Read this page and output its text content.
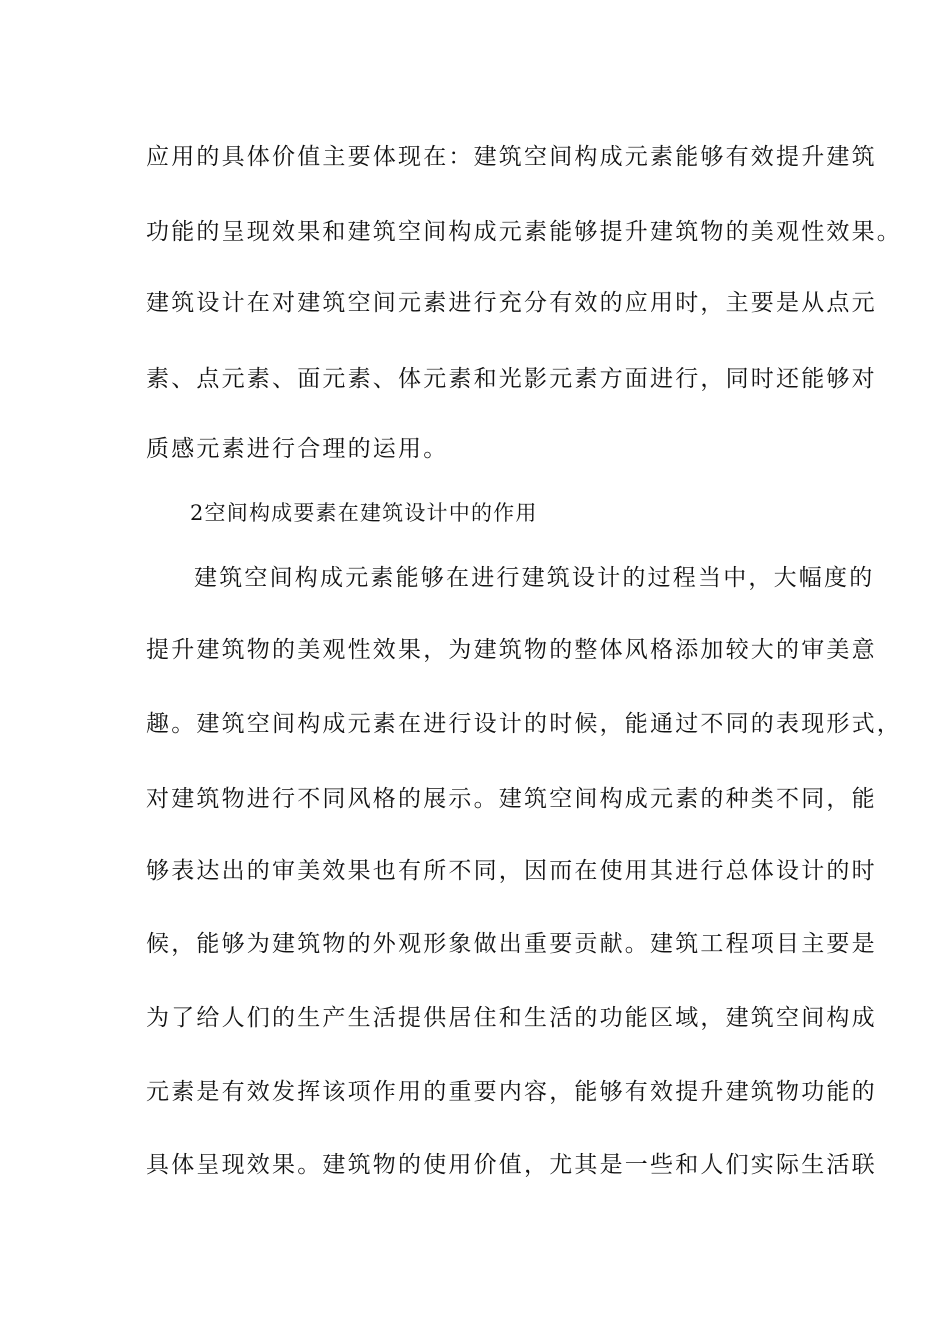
应用的具体价值主要体现在：建筑空间构成元素能够有效提升建筑
功能的呈现效果和建筑空间构成元素能够提升建筑物的美观性效果。
建筑设计在对建筑空间元素进行充分有效的应用时，主要是从点元
素、点元素、面元素、体元素和光影元素方面进行，同时还能够对
质感元素进行合理的运用。
2空间构成要素在建筑设计中的作用
建筑空间构成元素能够在进行建筑设计的过程当中，大幅度的
提升建筑物的美观性效果，为建筑物的整体风格添加较大的审美意
趣。建筑空间构成元素在进行设计的时候，能通过不同的表现形式，
对建筑物进行不同风格的展示。建筑空间构成元素的种类不同，能
够表达出的审美效果也有所不同，因而在使用其进行总体设计的时
候，能够为建筑物的外观形象做出重要贡献。建筑工程项目主要是
为了给人们的生产生活提供居住和生活的功能区域，建筑空间构成
元素是有效发挥该项作用的重要内容，能够有效提升建筑物功能的
具体呈现效果。建筑物的使用价值，尤其是一些和人们实际生活联
